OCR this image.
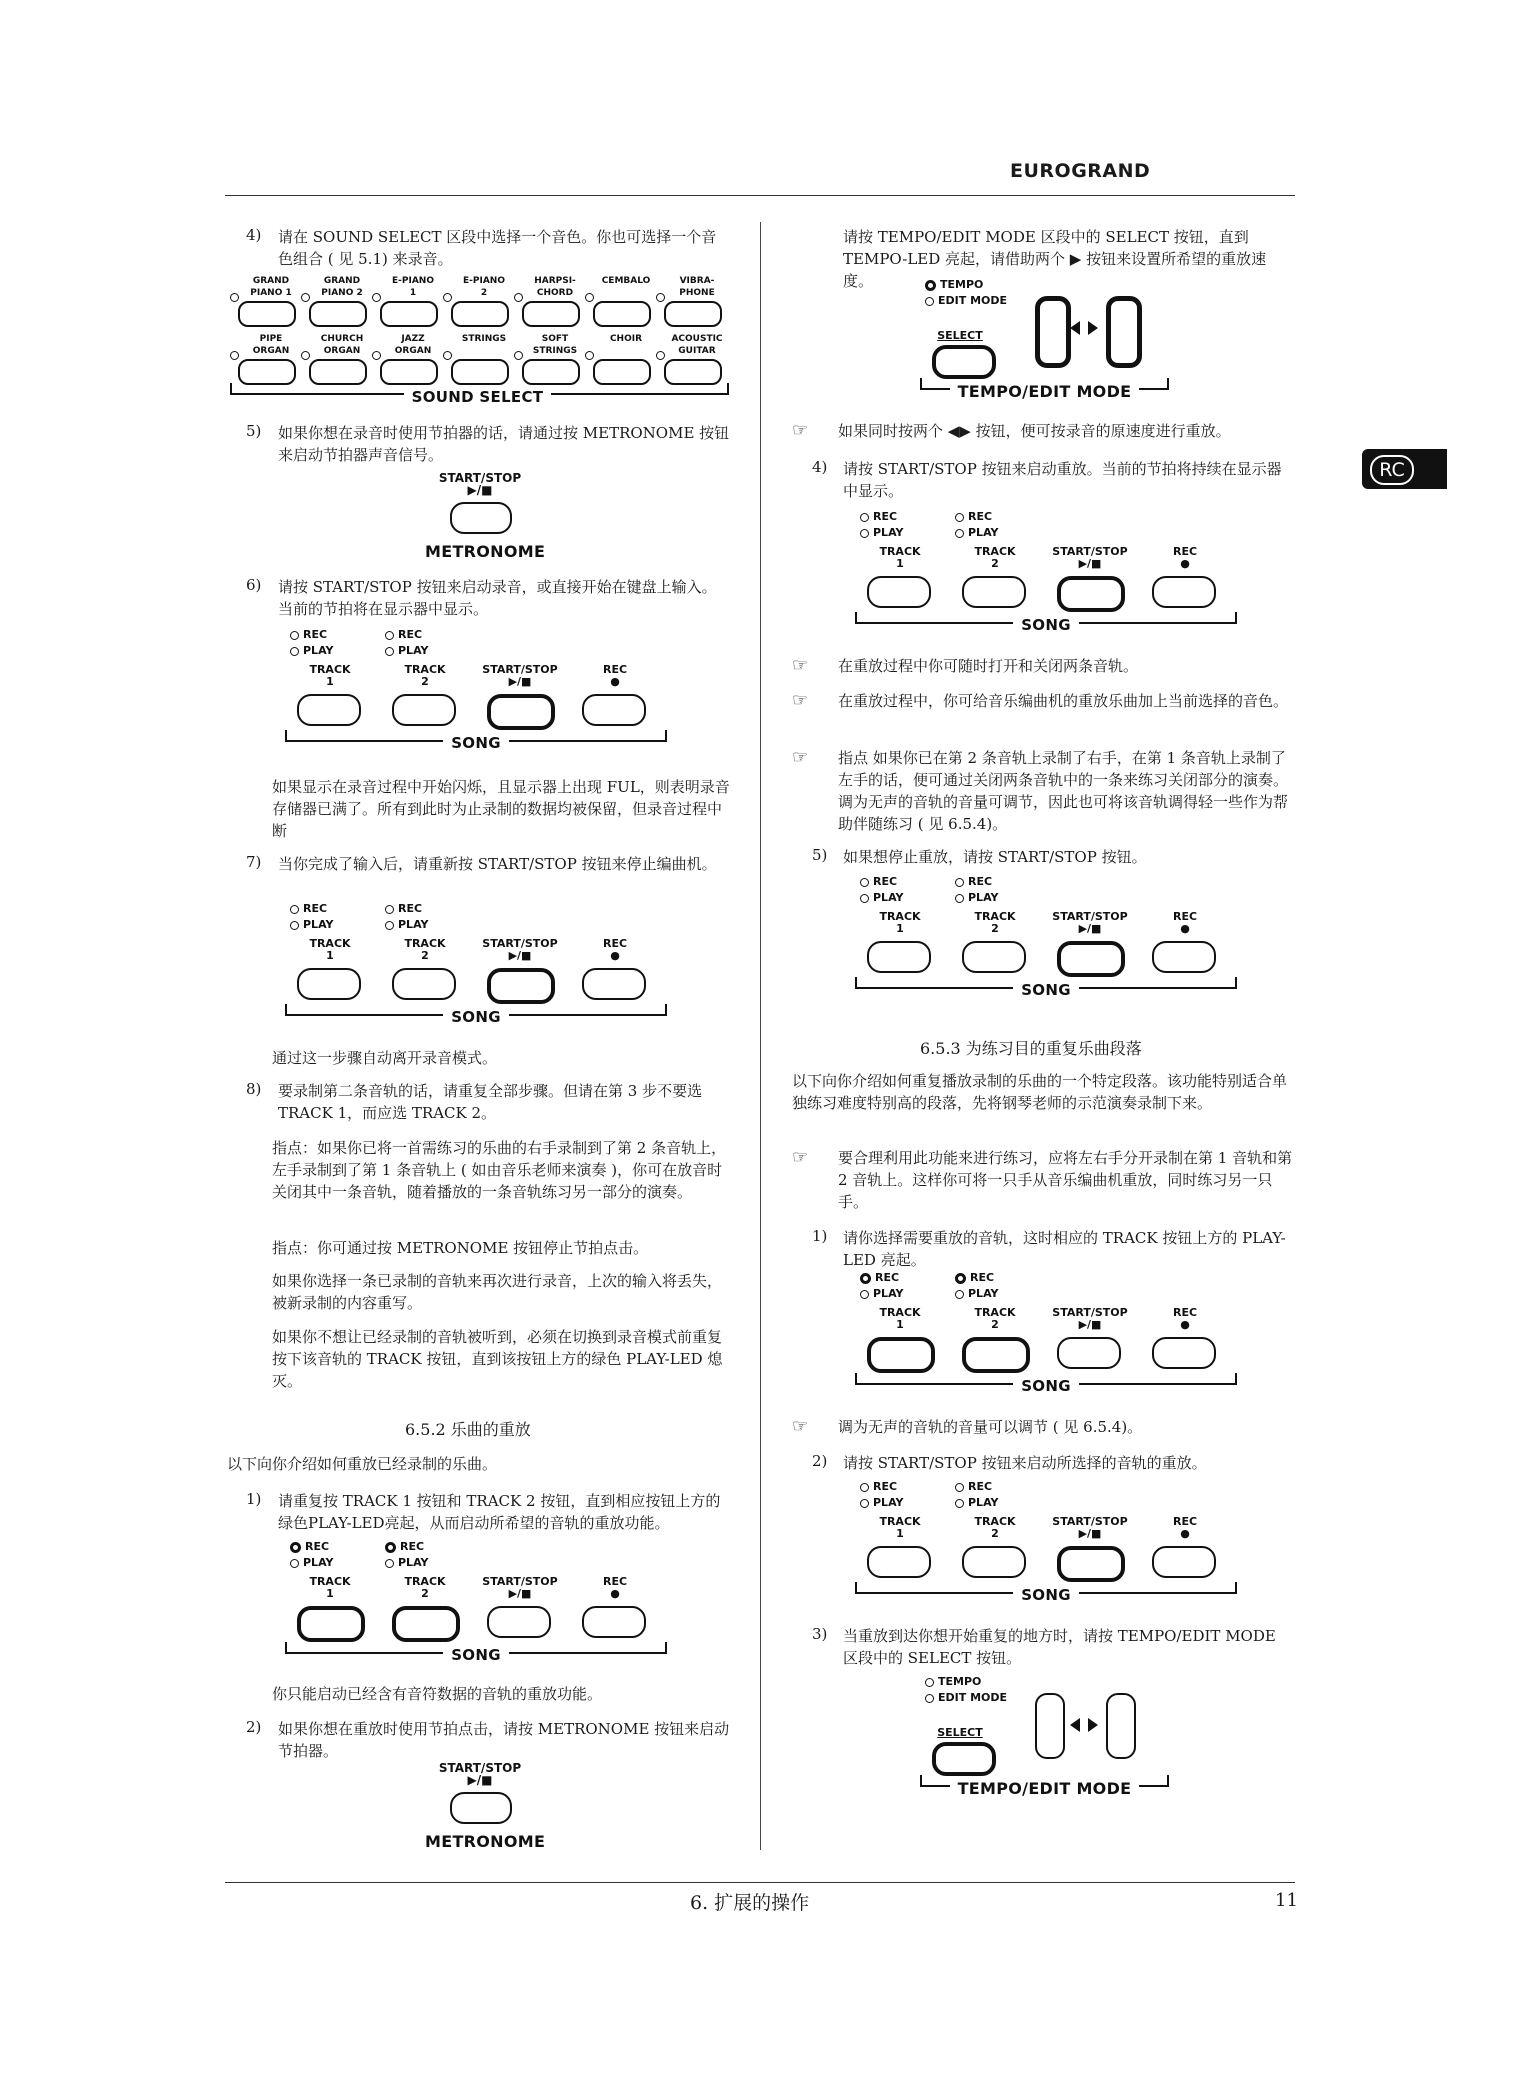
EUROGRAND
RC
6. 扩展的操作	11
4) 请在 SOUND SELECT 区段中选择一个音色。你也可选择一个音色组合 ( 见 5.1) 来录音。
GRAND
PIANO 1
GRAND
PIANO 2
E-PIANO
1
E-PIANO
2
HARPSI-
CHORD
CEMBALO	VIBRA-
PHONE
PIPE
ORGAN
CHURCH
ORGAN
JAZZ
ORGAN
STRINGS	SOFT
STRINGS
CHOIR	ACOUSTIC
GUITAR
SOUND SELECT
5) 如果你想在录音时使用节拍器的话，请通过按 METRONOME 按钮来启动节拍器声音信号。
START/STOP
▶/■
METRONOME
6) 请按 START/STOP 按钮来启动录音，或直接开始在键盘上输入。当前的节拍将在显示器中显示。
REC
PLAY
REC
PLAY
TRACK
1
TRACK
2
START/STOP
▶/■
REC
●
SONG
如果显示在录音过程中开始闪烁，且显示器上出现 FUL，则表明录音存储器已满了。所有到此时为止录制的数据均被保留，但录音过程中断
7) 当你完成了输入后，请重新按 START/STOP 按钮来停止编曲机。
REC
PLAY
REC
PLAY
TRACK
1
TRACK
2
START/STOP
▶/■
REC
●
SONG
通过这一步骤自动离开录音模式。
8) 要录制第二条音轨的话，请重复全部步骤。但请在第 3 步不要选 TRACK 1，而应选 TRACK 2。
指点：如果你已将一首需练习的乐曲的右手录制到了第 2 条音轨上，左手录制到了第 1 条音轨上 ( 如由音乐老师来演奏 )，你可在放音时关闭其中一条音轨，随着播放的一条音轨练习另一部分的演奏。
指点：你可通过按 METRONOME 按钮停止节拍点击。
如果你选择一条已录制的音轨来再次进行录音，上次的输入将丢失，被新录制的内容重写。
如果你不想让已经录制的音轨被听到，必须在切换到录音模式前重复按下该音轨的 TRACK 按钮，直到该按钮上方的绿色 PLAY-LED 熄灭。
6.5.2 乐曲的重放
以下向你介绍如何重放已经录制的乐曲。
1) 请重复按 TRACK 1 按钮和 TRACK 2 按钮，直到相应按钮上方的绿色PLAY-LED亮起，从而启动所希望的音轨的重放功能。
REC
PLAY
REC
PLAY
TRACK
1
TRACK
2
START/STOP
▶/■
REC
●
SONG
你只能启动已经含有音符数据的音轨的重放功能。
2) 如果你想在重放时使用节拍点击，请按 METRONOME 按钮来启动节拍器。
START/STOP
▶/■
METRONOME
请按 TEMPO/EDIT MODE 区段中的 SELECT 按钮，直到 TEMPO-LED 亮起，请借助两个 ▶ 按钮来设置所希望的重放速度。	TEMPO
EDIT MODE
SELECT
TEMPO/EDIT MODE
☞ 如果同时按两个 ◀▶ 按钮，便可按录音的原速度进行重放。
4) 请按 START/STOP 按钮来启动重放。当前的节拍将持续在显示器中显示。
REC
PLAY
REC
PLAY
TRACK
1
TRACK
2
START/STOP
▶/■
REC
●
SONG
☞ 在重放过程中你可随时打开和关闭两条音轨。
☞ 在重放过程中，你可给音乐编曲机的重放乐曲加上当前选择的音色。
☞ 指点 如果你已在第 2 条音轨上录制了右手，在第 1 条音轨上录制了左手的话，便可通过关闭两条音轨中的一条来练习关闭部分的演奏。调为无声的音轨的音量可调节，因此也可将该音轨调得轻一些作为帮助伴随练习 ( 见 6.5.4)。
5) 如果想停止重放，请按 START/STOP 按钮。
REC
PLAY
REC
PLAY
TRACK
1
TRACK
2
START/STOP
▶/■
REC
●
SONG
6.5.3 为练习目的重复乐曲段落
以下向你介绍如何重复播放录制的乐曲的一个特定段落。该功能特别适合单独练习难度特别高的段落，先将钢琴老师的示范演奏录制下来。
☞ 要合理利用此功能来进行练习，应将左右手分开录制在第 1 音轨和第 2 音轨上。这样你可将一只手从音乐编曲机重放，同时练习另一只手。
1) 请你选择需要重放的音轨，这时相应的 TRACK 按钮上方的 PLAY-LED 亮起。
REC
PLAY
REC
PLAY
TRACK
1
TRACK
2
START/STOP
▶/■
REC
●
SONG
☞ 调为无声的音轨的音量可以调节 ( 见 6.5.4)。
2) 请按 START/STOP 按钮来启动所选择的音轨的重放。
REC
PLAY
REC
PLAY
TRACK
1
TRACK
2
START/STOP
▶/■
REC
●
SONG
3) 当重放到达你想开始重复的地方时，请按 TEMPO/EDIT MODE 区段中的 SELECT 按钮。
TEMPO
EDIT MODE
SELECT
TEMPO/EDIT MODE
